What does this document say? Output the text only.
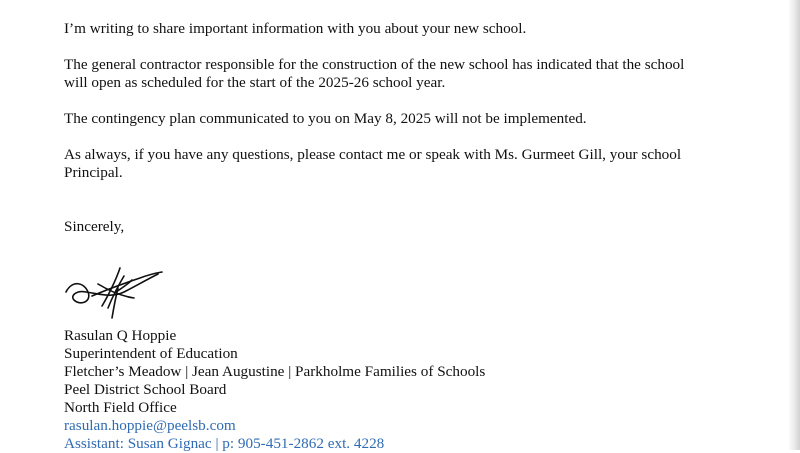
I’m writing to share important information with you about your new school.

The general contractor responsible for the construction of the new school has indicated that the school
will open as scheduled for the start of the 2025-26 school year.

The contingency plan communicated to you on May 8, 2025 will not be implemented.

As always, if you have any questions, please contact me or speak with Ms. Gurmeet Gill, your school
Principal.

Sincerely,

Rasulan Q Hoppie
Superintendent of Education
Fletcher’s Meadow | Jean Augustine | Parkholme Families of Schools
Peel District School Board
North Field Office
rasulan.hoppie@peelsb.com
Assistant: Susan Gignac | p: 905-451-2862 ext. 4228
